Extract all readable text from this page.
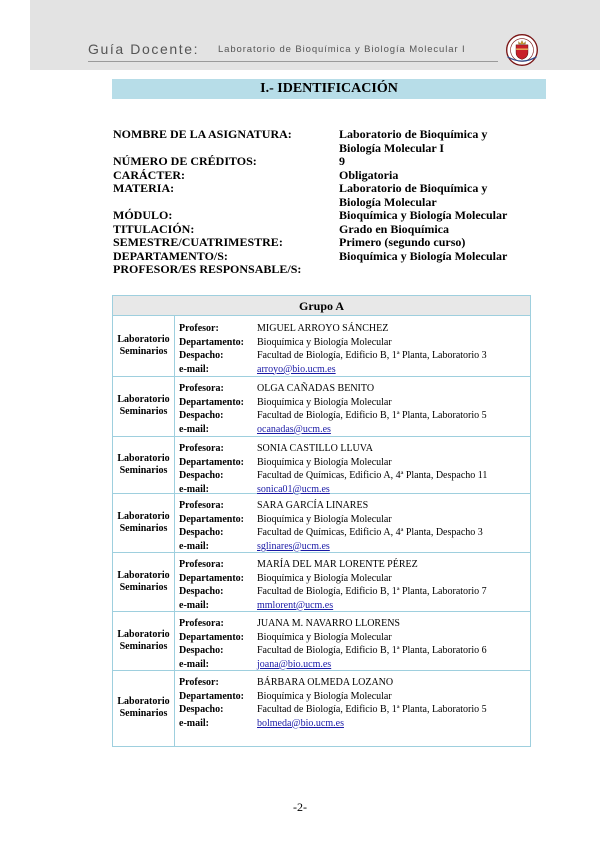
Guía Docente: Laboratorio de Bioquímica y Biología Molecular I
I.- IDENTIFICACIÓN
NOMBRE DE LA ASIGNATURA:	Laboratorio de Bioquímica y Biología Molecular I
NÚMERO DE CRÉDITOS:	9
CARÁCTER:	Obligatoria
MATERIA:	Laboratorio de Bioquímica y Biología Molecular
MÓDULO:	Bioquímica y Biología Molecular
TITULACIÓN:	Grado en Bioquímica
SEMESTRE/CUATRIMESTRE:	Primero (segundo curso)
DEPARTAMENTO/S:	Bioquímica y Biología Molecular
PROFESOR/ES RESPONSABLE/S:
Grupo A
Laboratorio
Seminarios
Profesor:	MIGUEL ARROYO SÁNCHEZ
Departamento:	Bioquímica y Biología Molecular
Despacho:	Facultad de Biología, Edificio B, 1ª Planta, Laboratorio 3
e-mail:	arroyo@bio.ucm.es
Laboratorio
Seminarios
Profesora:	OLGA CAÑADAS BENITO
Departamento:	Bioquímica y Biología Molecular
Despacho:	Facultad de Biología, Edificio B, 1ª Planta, Laboratorio 5
e-mail:	ocanadas@ucm.es
Laboratorio
Seminarios
Profesora:	SONIA CASTILLO LLUVA
Departamento:	Bioquímica y Biología Molecular
Despacho:	Facultad de Químicas, Edificio A, 4ª Planta, Despacho 11
e-mail:	sonica01@ucm.es
Laboratorio
Seminarios
Profesora:	SARA GARCÍA LINARES
Departamento:	Bioquímica y Biología Molecular
Despacho:	Facultad de Químicas, Edificio A, 4ª Planta, Despacho 3
e-mail:	sglinares@ucm.es
Laboratorio
Seminarios
Profesora:	MARÍA DEL MAR LORENTE PÉREZ
Departamento:	Bioquímica y Biología Molecular
Despacho:	Facultad de Biología, Edificio B, 1ª Planta, Laboratorio 7
e-mail:	mmlorent@ucm.es
Laboratorio
Seminarios
Profesora:	JUANA M. NAVARRO LLORENS
Departamento:	Bioquímica y Biología Molecular
Despacho:	Facultad de Biología, Edificio B, 1ª Planta, Laboratorio 6
e-mail:	joana@bio.ucm.es
Laboratorio
Seminarios
Profesor:	BÁRBARA OLMEDA LOZANO
Departamento:	Bioquímica y Biología Molecular
Despacho:	Facultad de Biología, Edificio B, 1ª Planta, Laboratorio 5
e-mail:	bolmeda@bio.ucm.es
-2-
